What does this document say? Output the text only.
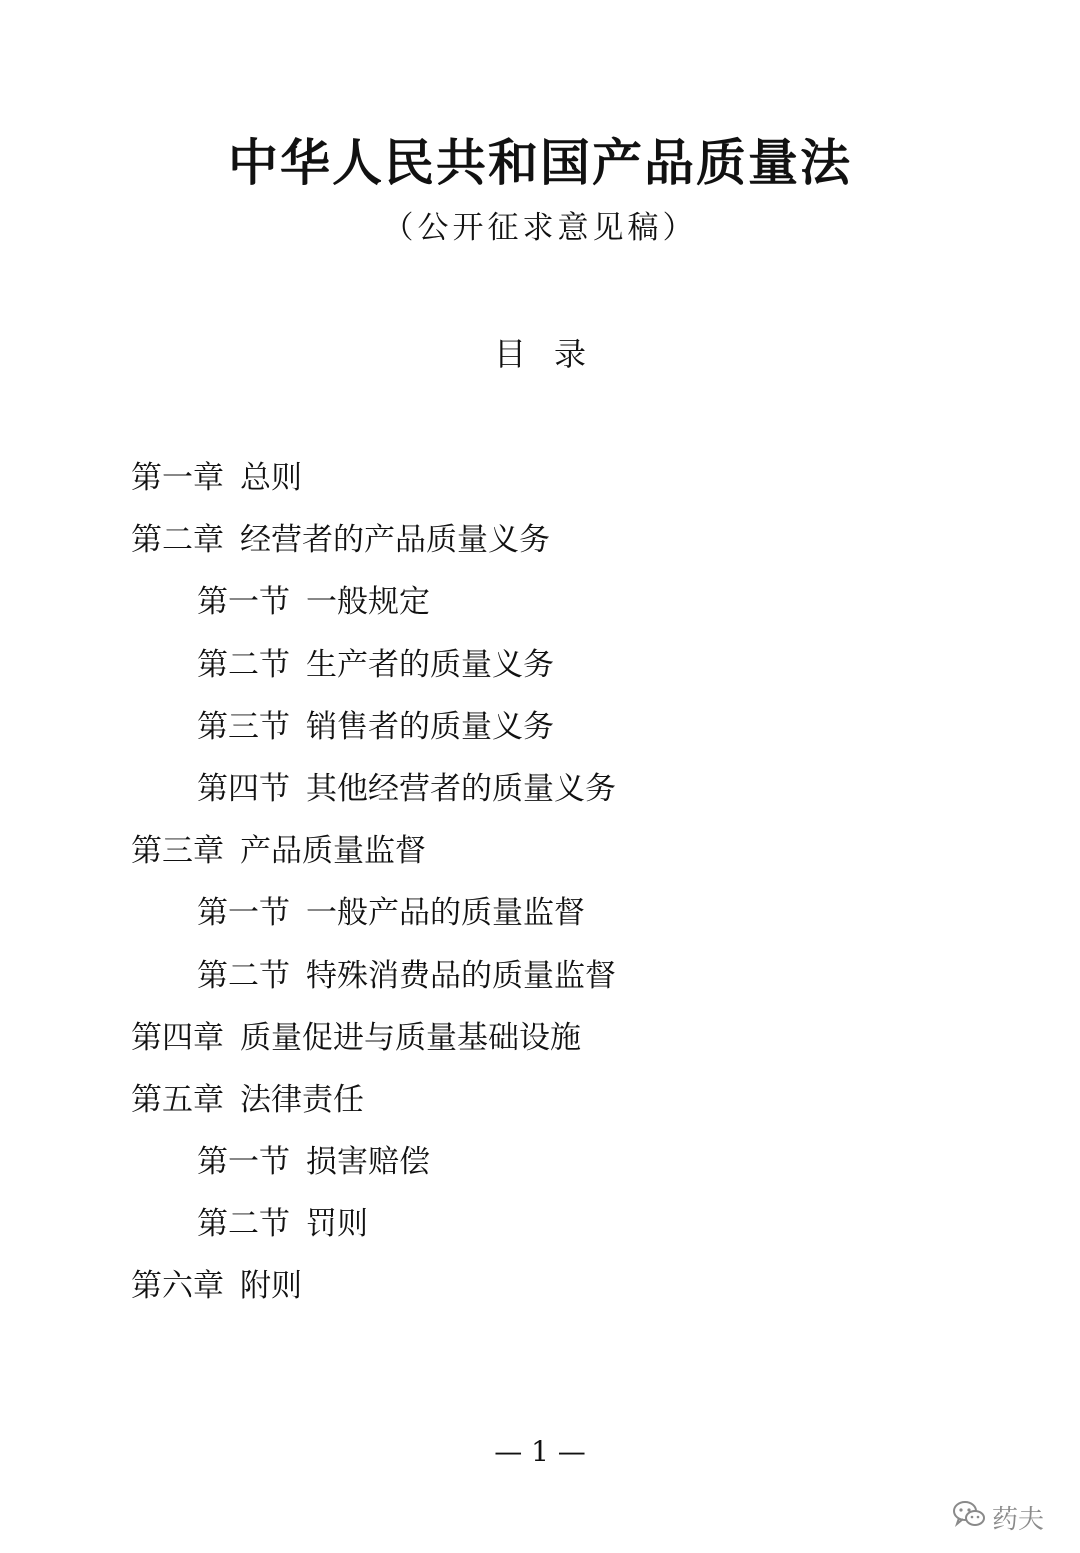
中华人民共和国产品质量法
（公开征求意见稿）
目 录
第一章 总则
第二章 经营者的产品质量义务
第一节 一般规定
第二节 生产者的质量义务
第三节 销售者的质量义务
第四节 其他经营者的质量义务
第三章 产品质量监督
第一节 一般产品的质量监督
第二节 特殊消费品的质量监督
第四章 质量促进与质量基础设施
第五章 法律责任
第一节 损害赔偿
第二节 罚则
第六章 附则
— 1 —
药夫
